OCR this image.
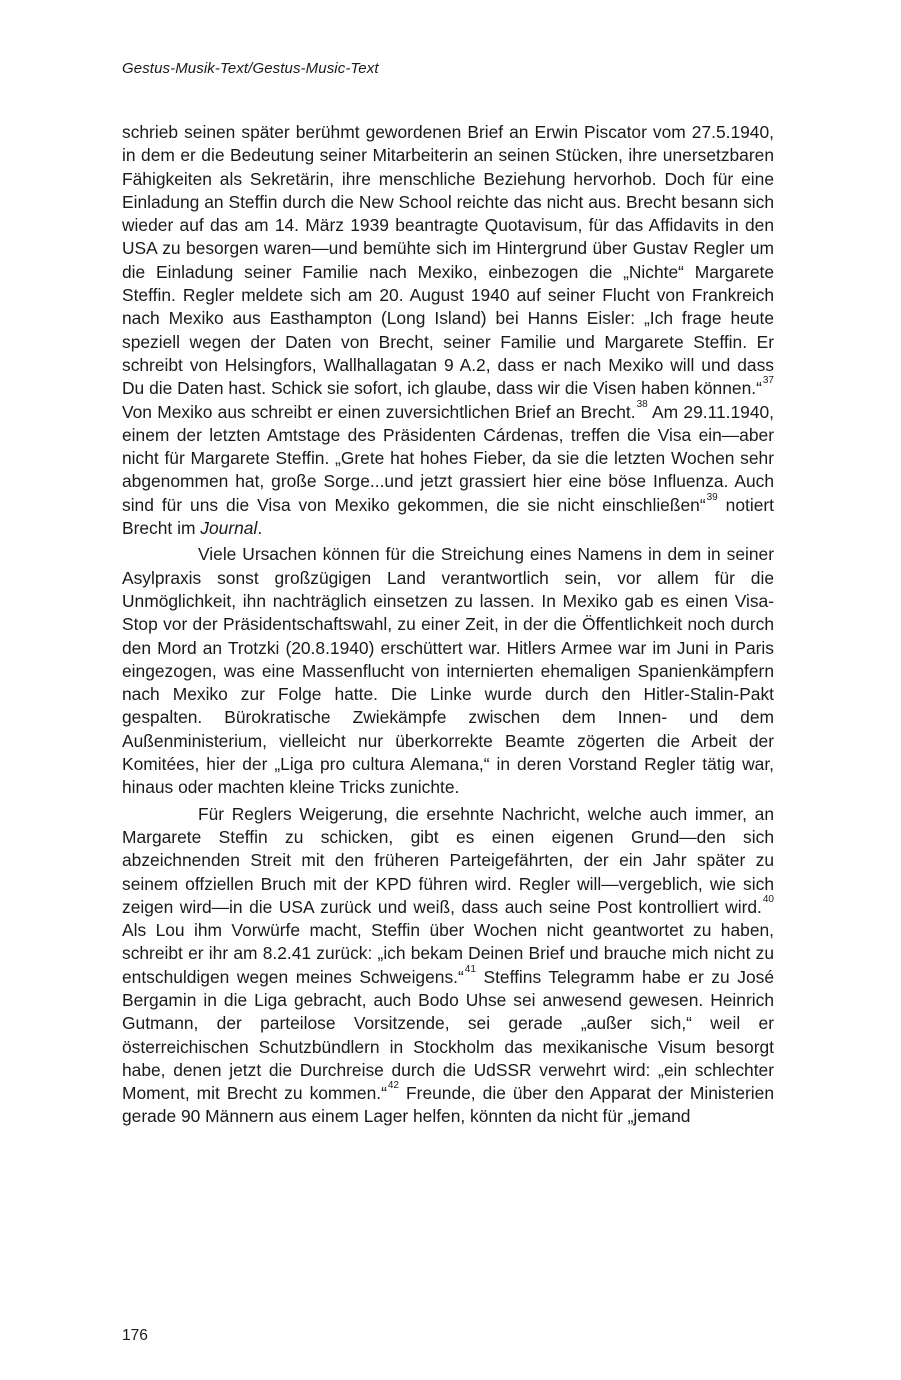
Gestus-Musik-Text/Gestus-Music-Text

schrieb seinen später berühmt gewordenen Brief an Erwin Piscator vom 27.5.1940, in dem er die Bedeutung seiner Mitarbeiterin an seinen Stücken, ihre unersetzbaren Fähigkeiten als Sekretärin, ihre menschliche Beziehung hervorhob. Doch für eine Einladung an Steffin durch die New School reichte das nicht aus. Brecht besann sich wieder auf das am 14. März 1939 beantragte Quotavisum, für das Affidavits in den USA zu besorgen waren—und bemühte sich im Hintergrund über Gustav Regler um die Einladung seiner Familie nach Mexiko, einbezogen die „Nichte“ Margarete Steffin. Regler meldete sich am 20. August 1940 auf seiner Flucht von Frankreich nach Mexiko aus Easthampton (Long Island) bei Hanns Eisler: „Ich frage heute speziell wegen der Daten von Brecht, seiner Familie und Margarete Steffin. Er schreibt von Helsingfors, Wallhallagatan 9 A.2, dass er nach Mexiko will und dass Du die Daten hast. Schick sie sofort, ich glaube, dass wir die Visen haben können.“$^{37}$ Von Mexiko aus schreibt er einen zuversichtlichen Brief an Brecht.$^{38}$ Am 29.11.1940, einem der letzten Amtstage des Präsidenten Cárdenas, treffen die Visa ein—aber nicht für Margarete Steffin. „Grete hat hohes Fieber, da sie die letzten Wochen sehr abgenommen hat, große Sorge...und jetzt grassiert hier eine böse Influenza. Auch sind für uns die Visa von Mexiko gekommen, die sie nicht einschließen“$^{39}$ notiert Brecht im Journal.

Viele Ursachen können für die Streichung eines Namens in dem in seiner Asylpraxis sonst großzügigen Land verantwortlich sein, vor allem für die Unmöglichkeit, ihn nachträglich einsetzen zu lassen. In Mexiko gab es einen Visa-Stop vor der Präsidentschaftswahl, zu einer Zeit, in der die Öffentlichkeit noch durch den Mord an Trotzki (20.8.1940) erschüttert war. Hitlers Armee war im Juni in Paris eingezogen, was eine Massenflucht von internierten ehemaligen Spanienkämpfern nach Mexiko zur Folge hatte. Die Linke wurde durch den Hitler-Stalin-Pakt gespalten. Bürokratische Zwiekämpfe zwischen dem Innen- und dem Außenministerium, vielleicht nur überkorrekte Beamte zögerten die Arbeit der Komitées, hier der „Liga pro cultura Alemana,“ in deren Vorstand Regler tätig war, hinaus oder machten kleine Tricks zunichte.

Für Reglers Weigerung, die ersehnte Nachricht, welche auch immer, an Margarete Steffin zu schicken, gibt es einen eigenen Grund—den sich abzeichnenden Streit mit den früheren Parteigefährten, der ein Jahr später zu seinem offziellen Bruch mit der KPD führen wird. Regler will—vergeblich, wie sich zeigen wird—in die USA zurück und weiß, dass auch seine Post kontrolliert wird.$^{40}$ Als Lou ihm Vorwürfe macht, Steffin über Wochen nicht geantwortet zu haben, schreibt er ihr am 8.2.41 zurück: „ich bekam Deinen Brief und brauche mich nicht zu entschuldigen wegen meines Schweigens.“$^{41}$ Steffins Telegramm habe er zu José Bergamin in die Liga gebracht, auch Bodo Uhse sei anwesend gewesen. Heinrich Gutmann, der parteilose Vorsitzende, sei gerade „außer sich,“ weil er österreichischen Schutzbündlern in Stockholm das mexikanische Visum besorgt habe, denen jetzt die Durchreise durch die UdSSR verwehrt wird: „ein schlechter Moment, mit Brecht zu kommen.“$^{42}$ Freunde, die über den Apparat der Ministerien gerade 90 Männern aus einem Lager helfen, könnten da nicht für „jemand

176
